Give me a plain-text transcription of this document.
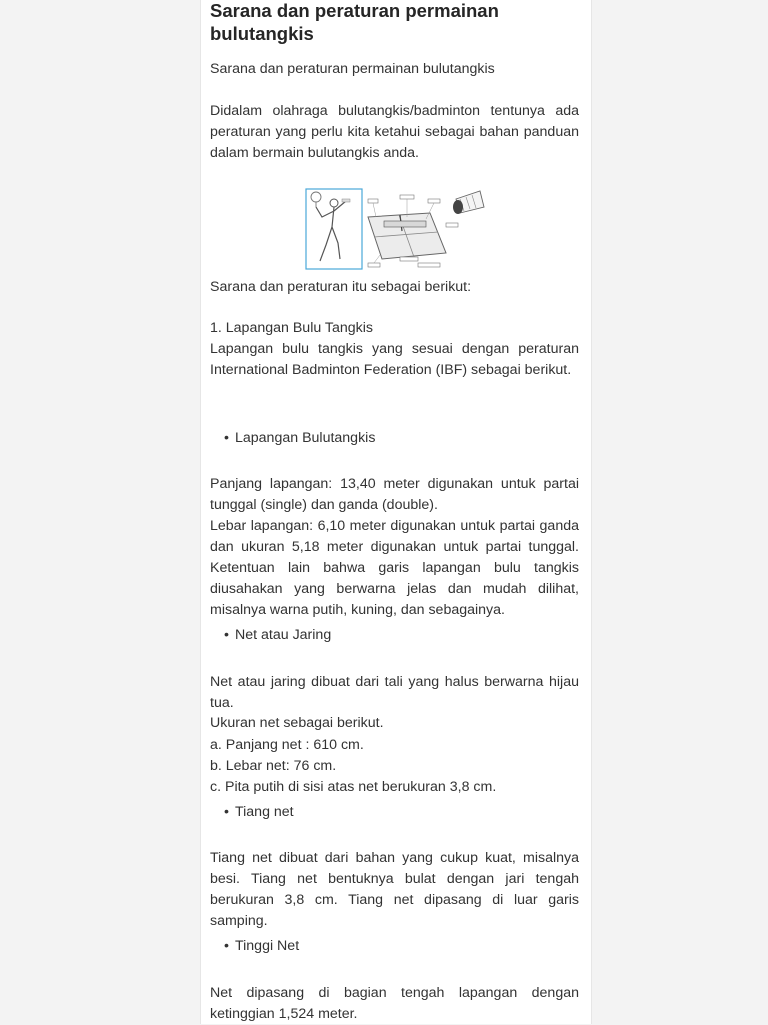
Sarana dan peraturan permainan bulutangkis
Sarana dan peraturan permainan bulutangkis
Didalam olahraga bulutangkis/badminton tentunya ada peraturan yang perlu kita ketahui sebagai bahan panduan dalam bermain bulutangkis anda.
Sarana dan peraturan itu sebagai berikut:
1. Lapangan Bulu Tangkis
Lapangan bulu tangkis yang sesuai dengan peraturan International Badminton Federation (IBF) sebagai berikut.
• Lapangan Bulutangkis
Panjang lapangan: 13,40 meter digunakan untuk partai tunggal (single) dan ganda (double).
Lebar lapangan: 6,10 meter digunakan untuk partai ganda dan ukuran 5,18 meter digunakan untuk partai tunggal. Ketentuan lain bahwa garis lapangan bulu tangkis diusahakan yang berwarna jelas dan mudah dilihat, misalnya warna putih, kuning, dan sebagainya.
• Net atau Jaring
Net atau jaring dibuat dari tali yang halus berwarna hijau tua.
Ukuran net sebagai berikut.
a. Panjang net : 610 cm.
b. Lebar net: 76 cm.
c. Pita putih di sisi atas net berukuran 3,8 cm.
• Tiang net
Tiang net dibuat dari bahan yang cukup kuat, misalnya besi. Tiang net bentuknya bulat dengan jari tengah berukuran 3,8 cm. Tiang net dipasang di luar garis samping.
• Tinggi Net
Net dipasang di bagian tengah lapangan dengan ketinggian 1,524 meter.
